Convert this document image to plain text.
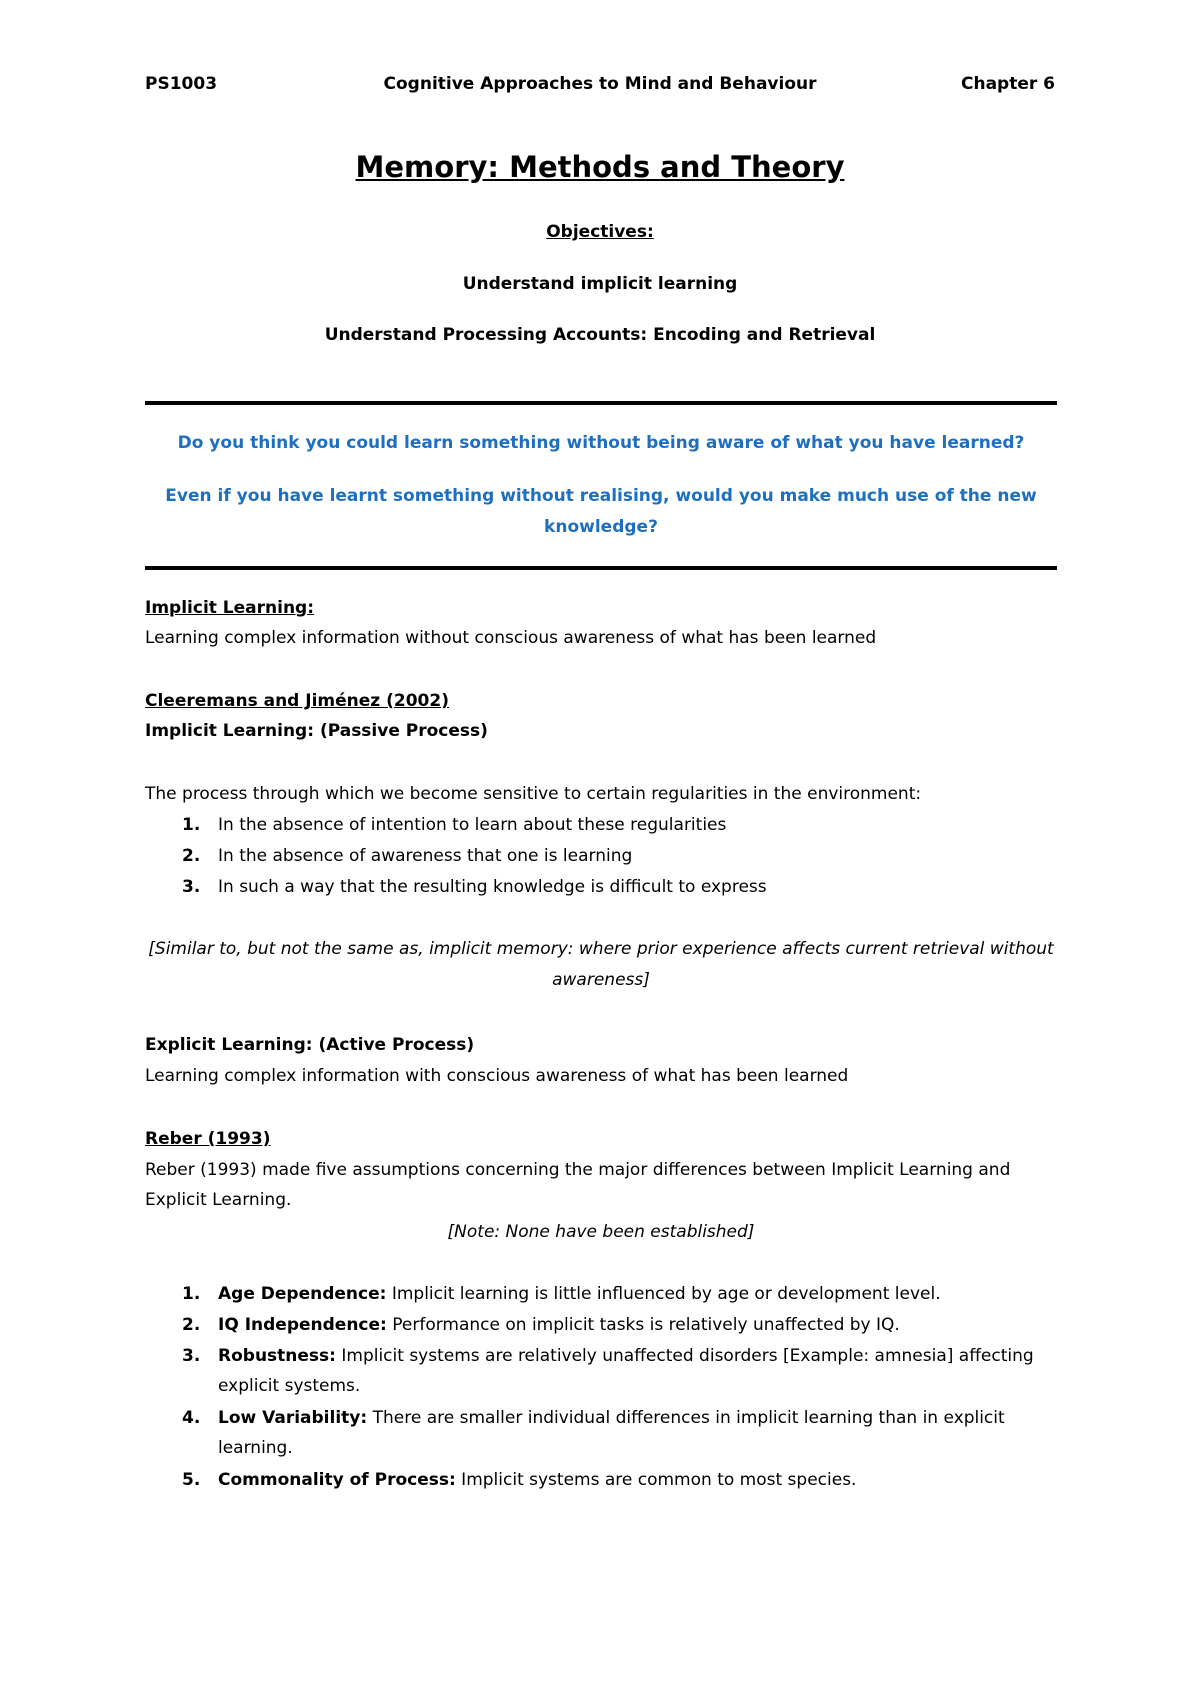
PS1003	Cognitive Approaches to Mind and Behaviour	Chapter 6
Memory: Methods and Theory
Objectives:
Understand implicit learning
Understand Processing Accounts: Encoding and Retrieval
Do you think you could learn something without being aware of what you have learned?
Even if you have learnt something without realising, would you make much use of the new knowledge?
Implicit Learning:
Learning complex information without conscious awareness of what has been learned
Cleeremans and Jiménez (2002)
Implicit Learning: (Passive Process)
The process through which we become sensitive to certain regularities in the environment:
1. In the absence of intention to learn about these regularities
2. In the absence of awareness that one is learning
3. In such a way that the resulting knowledge is difficult to express
[Similar to, but not the same as, implicit memory: where prior experience affects current retrieval without awareness]
Explicit Learning: (Active Process)
Learning complex information with conscious awareness of what has been learned
Reber (1993)
Reber (1993) made five assumptions concerning the major differences between Implicit Learning and Explicit Learning.
[Note: None have been established]
1. Age Dependence: Implicit learning is little influenced by age or development level.
2. IQ Independence: Performance on implicit tasks is relatively unaffected by IQ.
3. Robustness: Implicit systems are relatively unaffected disorders [Example: amnesia] affecting explicit systems.
4. Low Variability: There are smaller individual differences in implicit learning than in explicit learning.
5. Commonality of Process: Implicit systems are common to most species.
